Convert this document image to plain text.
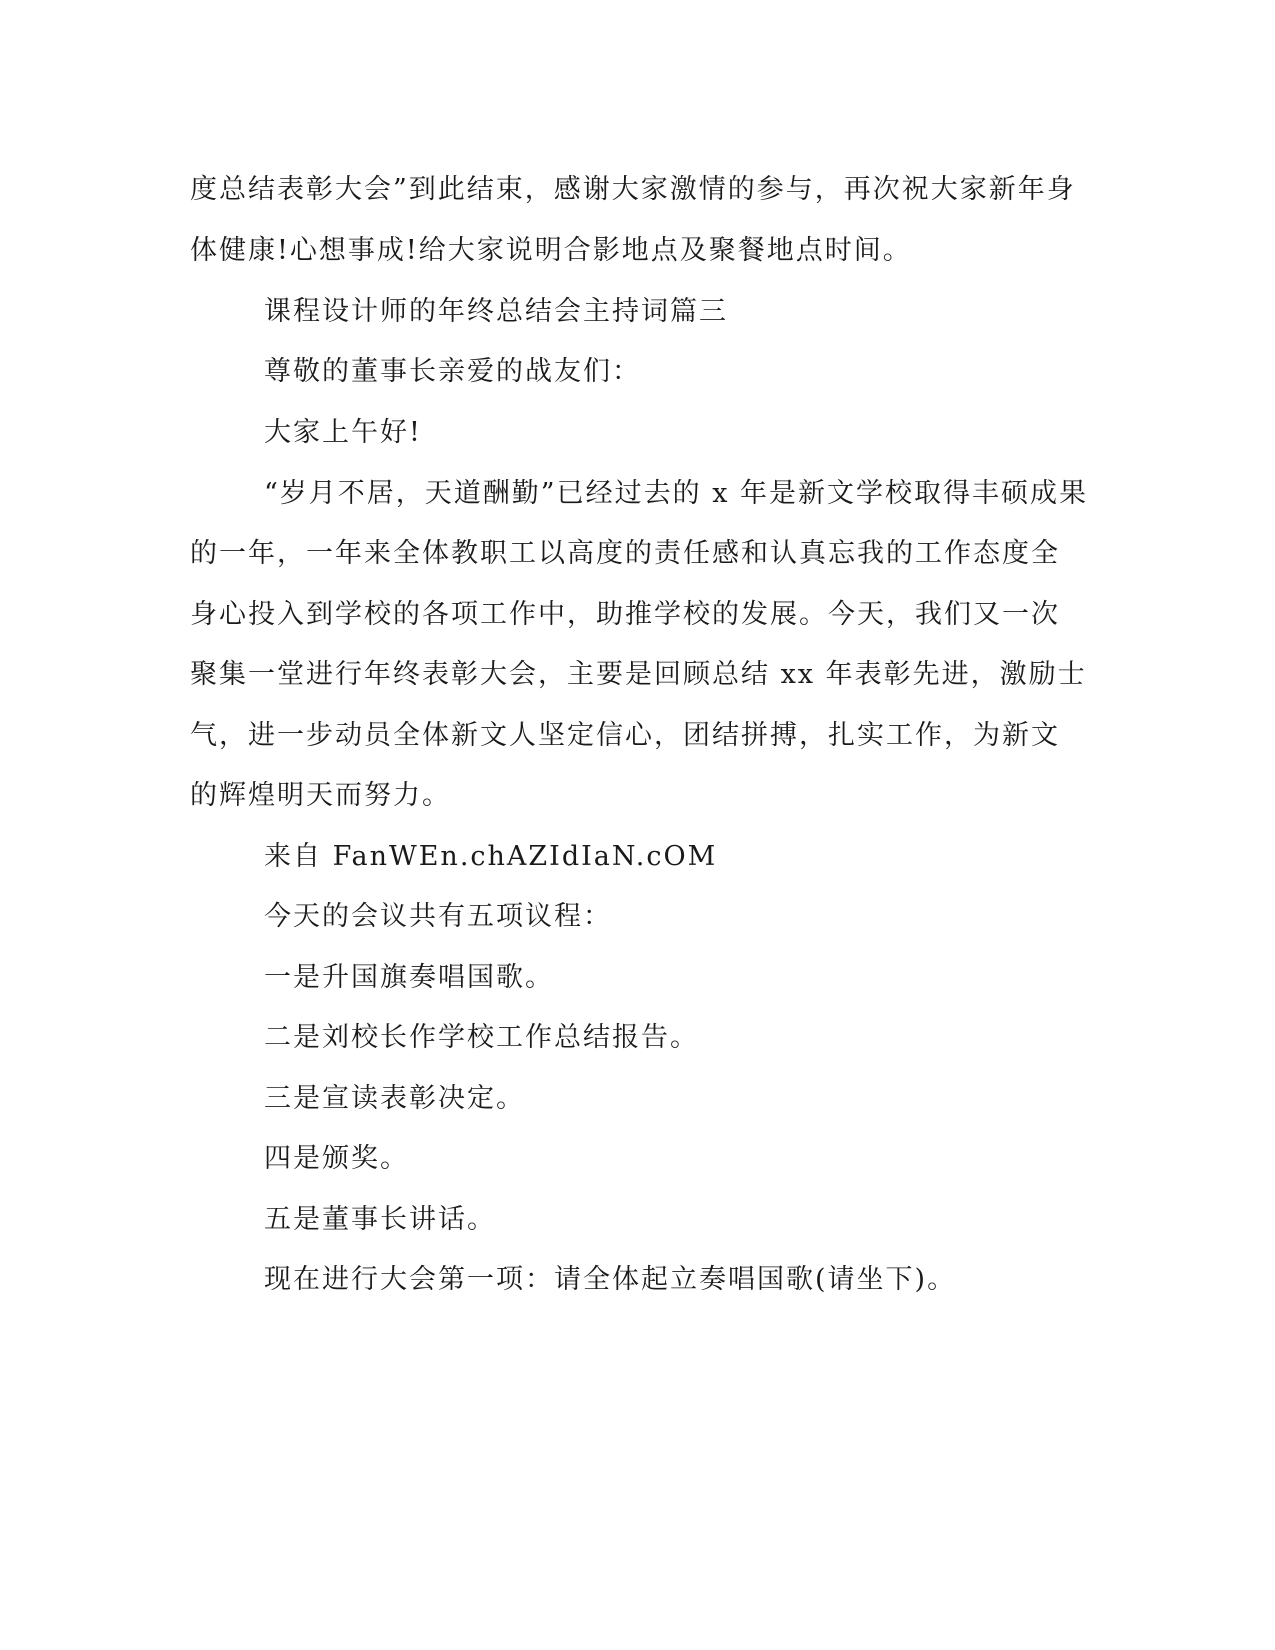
度总结表彰大会”到此结束，感谢大家激情的参与，再次祝大家新年身
体健康!心想事成!给大家说明合影地点及聚餐地点时间。
课程设计师的年终总结会主持词篇三
尊敬的董事长亲爱的战友们：
大家上午好!
“岁月不居，天道酬勤”已经过去的 x 年是新文学校取得丰硕成果
的一年，一年来全体教职工以高度的责任感和认真忘我的工作态度全
身心投入到学校的各项工作中，助推学校的发展。今天，我们又一次
聚集一堂进行年终表彰大会，主要是回顾总结 xx 年表彰先进，激励士
气，进一步动员全体新文人坚定信心，团结拼搏，扎实工作，为新文
的辉煌明天而努力。
来自 FanWEn.chAZIdIaN.cOM
今天的会议共有五项议程：
一是升国旗奏唱国歌。
二是刘校长作学校工作总结报告。
三是宣读表彰决定。
四是颁奖。
五是董事长讲话。
现在进行大会第一项：请全体起立奏唱国歌(请坐下)。
